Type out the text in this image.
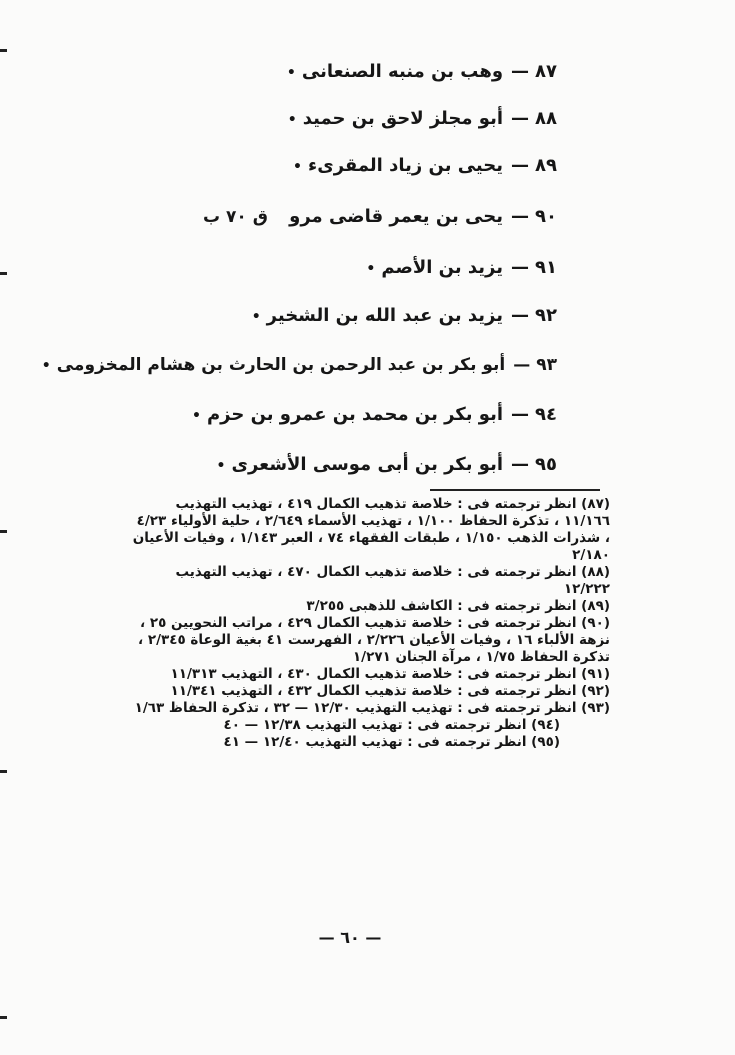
٨٧—وهب بن منبه الصنعانى•
٨٨—أبو مجلز لاحق بن حميد•
٨٩—يحيى بن زياد المقرىء•
٩٠—يحى بن يعمر قاضى مرو
ق ٧٠ ب
٩١—يزيد بن الأصم•
٩٢—يزيد بن عبد الله بن الشخير•
٩٣—أبو بكر بن عبد الرحمن بن الحارث بن هشام المخزومى•
٩٤—أبو بكر بن محمد بن عمرو بن حزم•
٩٥—أبو بكر بن أبى موسى الأشعرى•

(٨٧) انظر ترجمته فى : خلاصة تذهيب الكمال ٤١٩ ، تهذيب التهذيب ١١/١٦٦ ، تذكرة الحفاظ ١/١٠٠ ، تهذيب الأسماء ٢/٦٤٩ ، حلية الأولياء ٤/٢٣ ، شذرات الذهب ١/١٥٠ ، طبقات الفقهاء ٧٤ ، العبر ١/١٤٣ ، وفيات الأعيان ٢/١٨٠

(٨٨) انظر ترجمته فى : خلاصة تذهيب الكمال ٤٧٠ ، تهذيب التهذيب ١٢/٢٢٢

(٨٩) انظر ترجمته فى : الكاشف للذهبى ٣/٢٥٥

(٩٠) انظر ترجمته فى : خلاصة تذهيب الكمال ٤٢٩ ، مراتب النحويين ٢٥ ، نزهة الألباء ١٦ ، وفيات الأعيان ٢/٢٢٦ ، الفهرست ٤١ بغية الوعاة ٢/٣٤٥ ، تذكرة الحفاظ ١/٧٥ ، مرآة الجنان ١/٢٧١

(٩١) انظر ترجمته فى : خلاصة تذهيب الكمال ٤٣٠ ، التهذيب ١١/٣١٣

(٩٢) انظر ترجمته فى : خلاصة تذهيب الكمال ٤٣٢ ، التهذيب ١١/٣٤١

(٩٣) انظر ترجمته فى : تهذيب التهذيب ١٢/٣٠ — ٣٢ ، تذكرة الحفاظ ١/٦٣

(٩٤) انظر ترجمته فى : تهذيب التهذيب ١٢/٣٨ — ٤٠

(٩٥) انظر ترجمته فى : تهذيب التهذيب ١٢/٤٠ — ٤١

— ٦٠ —
